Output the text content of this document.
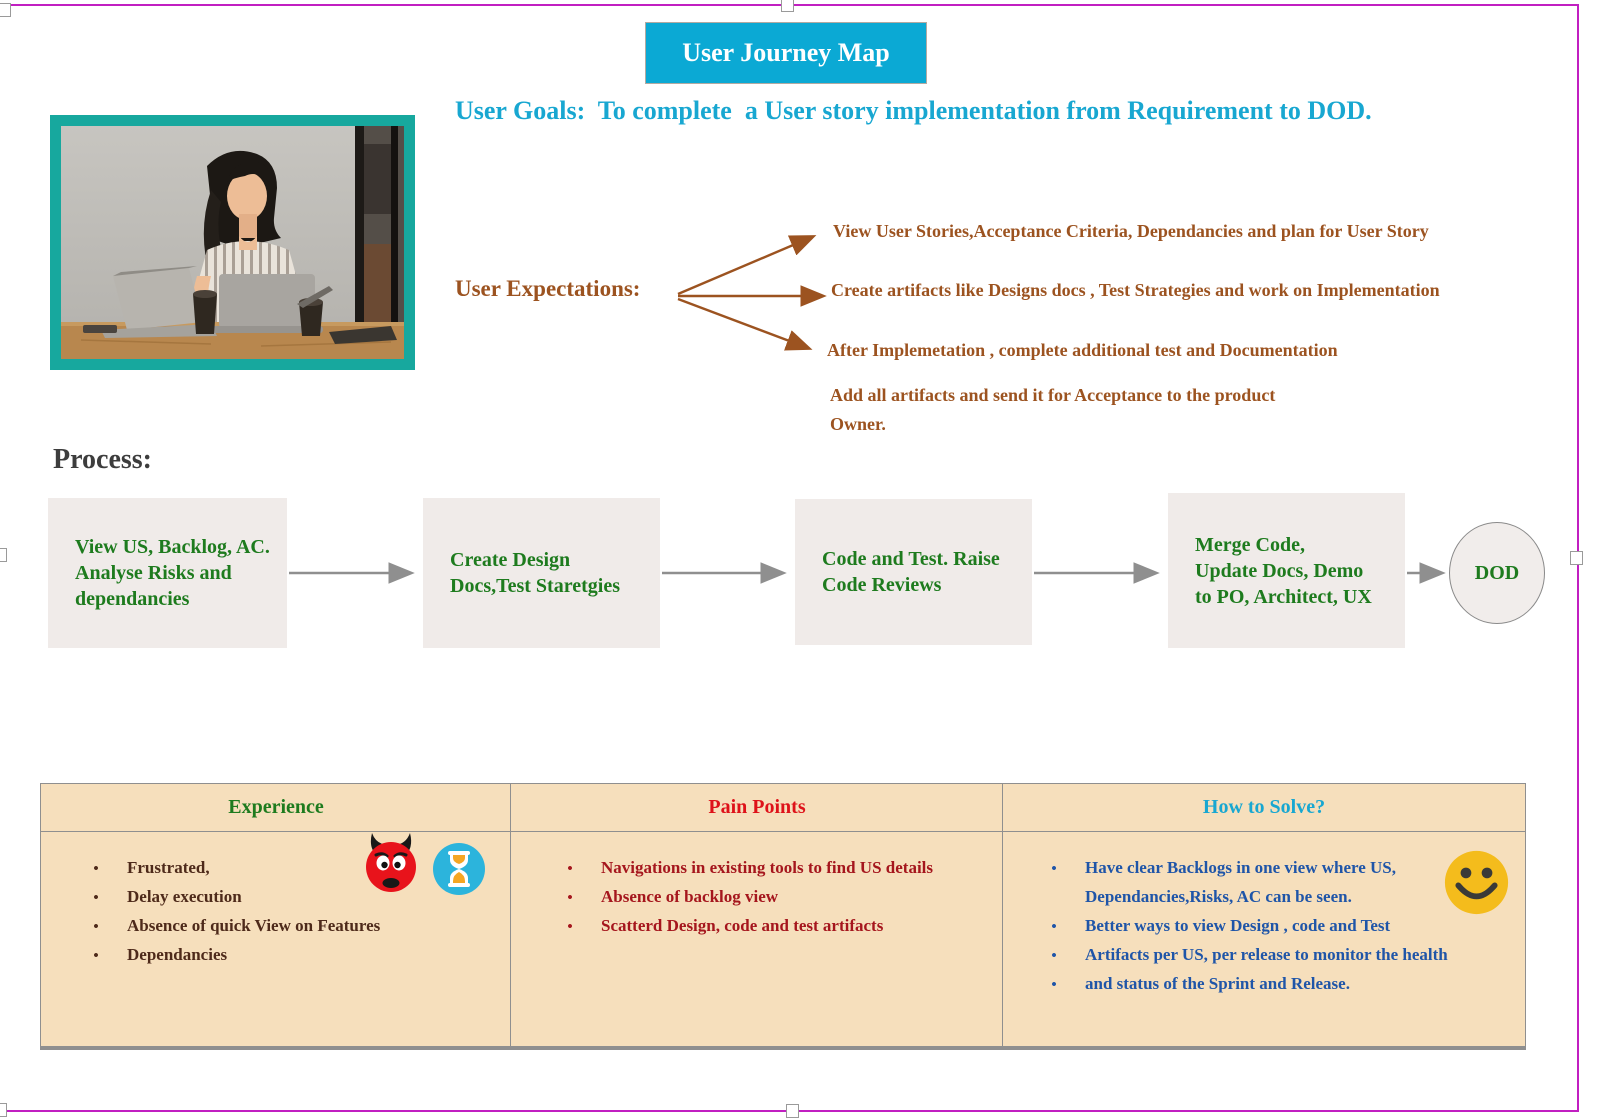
User Journey Map
User Goals:  To complete  a User story implementation from Requirement to DOD.
User Expectations:
View User Stories,Acceptance Criteria, Dependancies and plan for User Story
Create artifacts like Designs docs , Test Strategies and work on Implementation
After Implemetation , complete additional test and Documentation
Add all artifacts and send it for Acceptance to the product
Owner.
Process:
View US, Backlog, AC.
Analyse Risks and
dependancies
Create Design
Docs,Test Staretgies
Code and Test. Raise
Code Reviews
Merge Code,
Update Docs, Demo
to PO, Architect, UX
DOD
Experience
• Frustrated,
• Delay execution
• Absence of quick View on Features
• Dependancies
Pain Points
• Navigations in existing tools to find US details
• Absence of backlog view
• Scatterd Design, code and test artifacts
How to Solve?
• Have clear Backlogs in one view where US,
Dependancies,Risks, AC can be seen.
• Better ways to view Design , code and Test
• Artifacts per US, per release to monitor the health
• and status of the Sprint and Release.
